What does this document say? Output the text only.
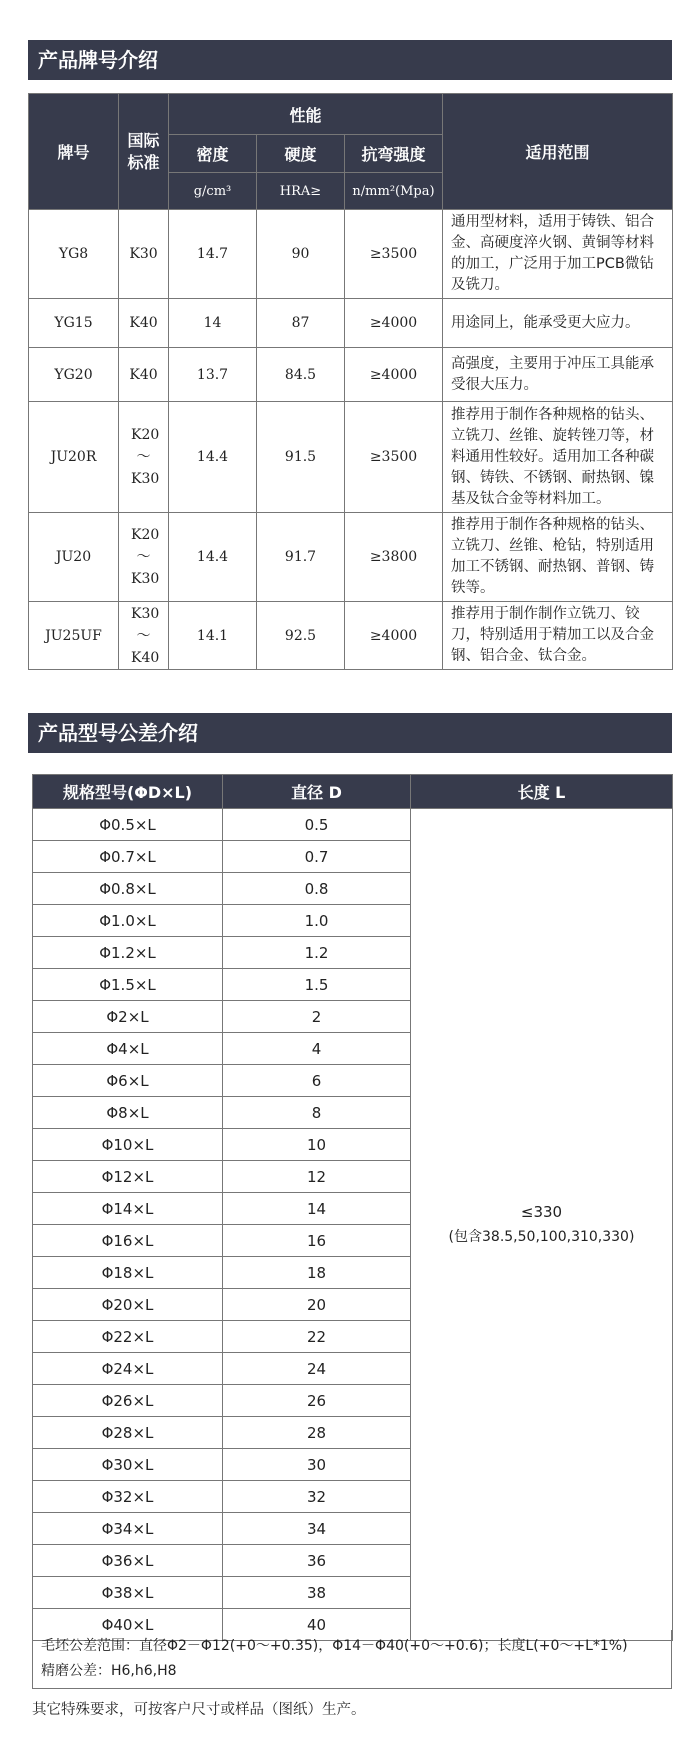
产品牌号介绍
牌号	国际标准	性能			适用范围
		密度	硬度	抗弯强度	
		g/cm³	HRA≥	n/mm²(Mpa)	
YG8	K30	14.7	90	≥3500	通用型材料，适用于铸铁、铝合金、高硬度淬火钢、黄铜等材料的加工，广泛用于加工PCB微钻及铣刀。
YG15	K40	14	87	≥4000	用途同上，能承受更大应力。
YG20	K40	13.7	84.5	≥4000	高强度，主要用于冲压工具能承受很大压力。
JU20R	K20～K30	14.4	91.5	≥3500	推荐用于制作各种规格的钻头、立铣刀、丝锥、旋转锉刀等，材料通用性较好。适用加工各种碳钢、铸铁、不锈钢、耐热钢、镍基及钛合金等材料加工。
JU20	K20～K30	14.4	91.7	≥3800	推荐用于制作各种规格的钻头、立铣刀、丝锥、枪钻，特别适用加工不锈钢、耐热钢、普钢、铸铁等。
JU25UF	K30～K40	14.1	92.5	≥4000	推荐用于制作制作立铣刀、铰刀，特别适用于精加工以及合金钢、铝合金、钛合金。
产品型号公差介绍
规格型号(ΦD×L)	直径 D	长度 L
Φ0.5×L	0.5	≤330
(包含38.5,50,100,310,330)

Φ0.7×L	0.7	
Φ0.8×L	0.8	
Φ1.0×L	1.0	
Φ1.2×L	1.2	
Φ1.5×L	1.5	
Φ2×L	2	
Φ4×L	4	
Φ6×L	6	
Φ8×L	8	
Φ10×L	10	
Φ12×L	12	
Φ14×L	14	
Φ16×L	16	
Φ18×L	18	
Φ20×L	20	
Φ22×L	22	
Φ24×L	24	
Φ26×L	26	
Φ28×L	28	
Φ30×L	30	
Φ32×L	32	
Φ34×L	34	
Φ36×L	36	
Φ38×L	38	
Φ40×L	40	
毛坯公差范围：直径Φ2－Φ12(+0～+0.35)，Φ14－Φ40(+0～+0.6)；长度L(+0～+L*1%)
精磨公差：H6,h6,H8
其它特殊要求，可按客户尺寸或样品（图纸）生产。
